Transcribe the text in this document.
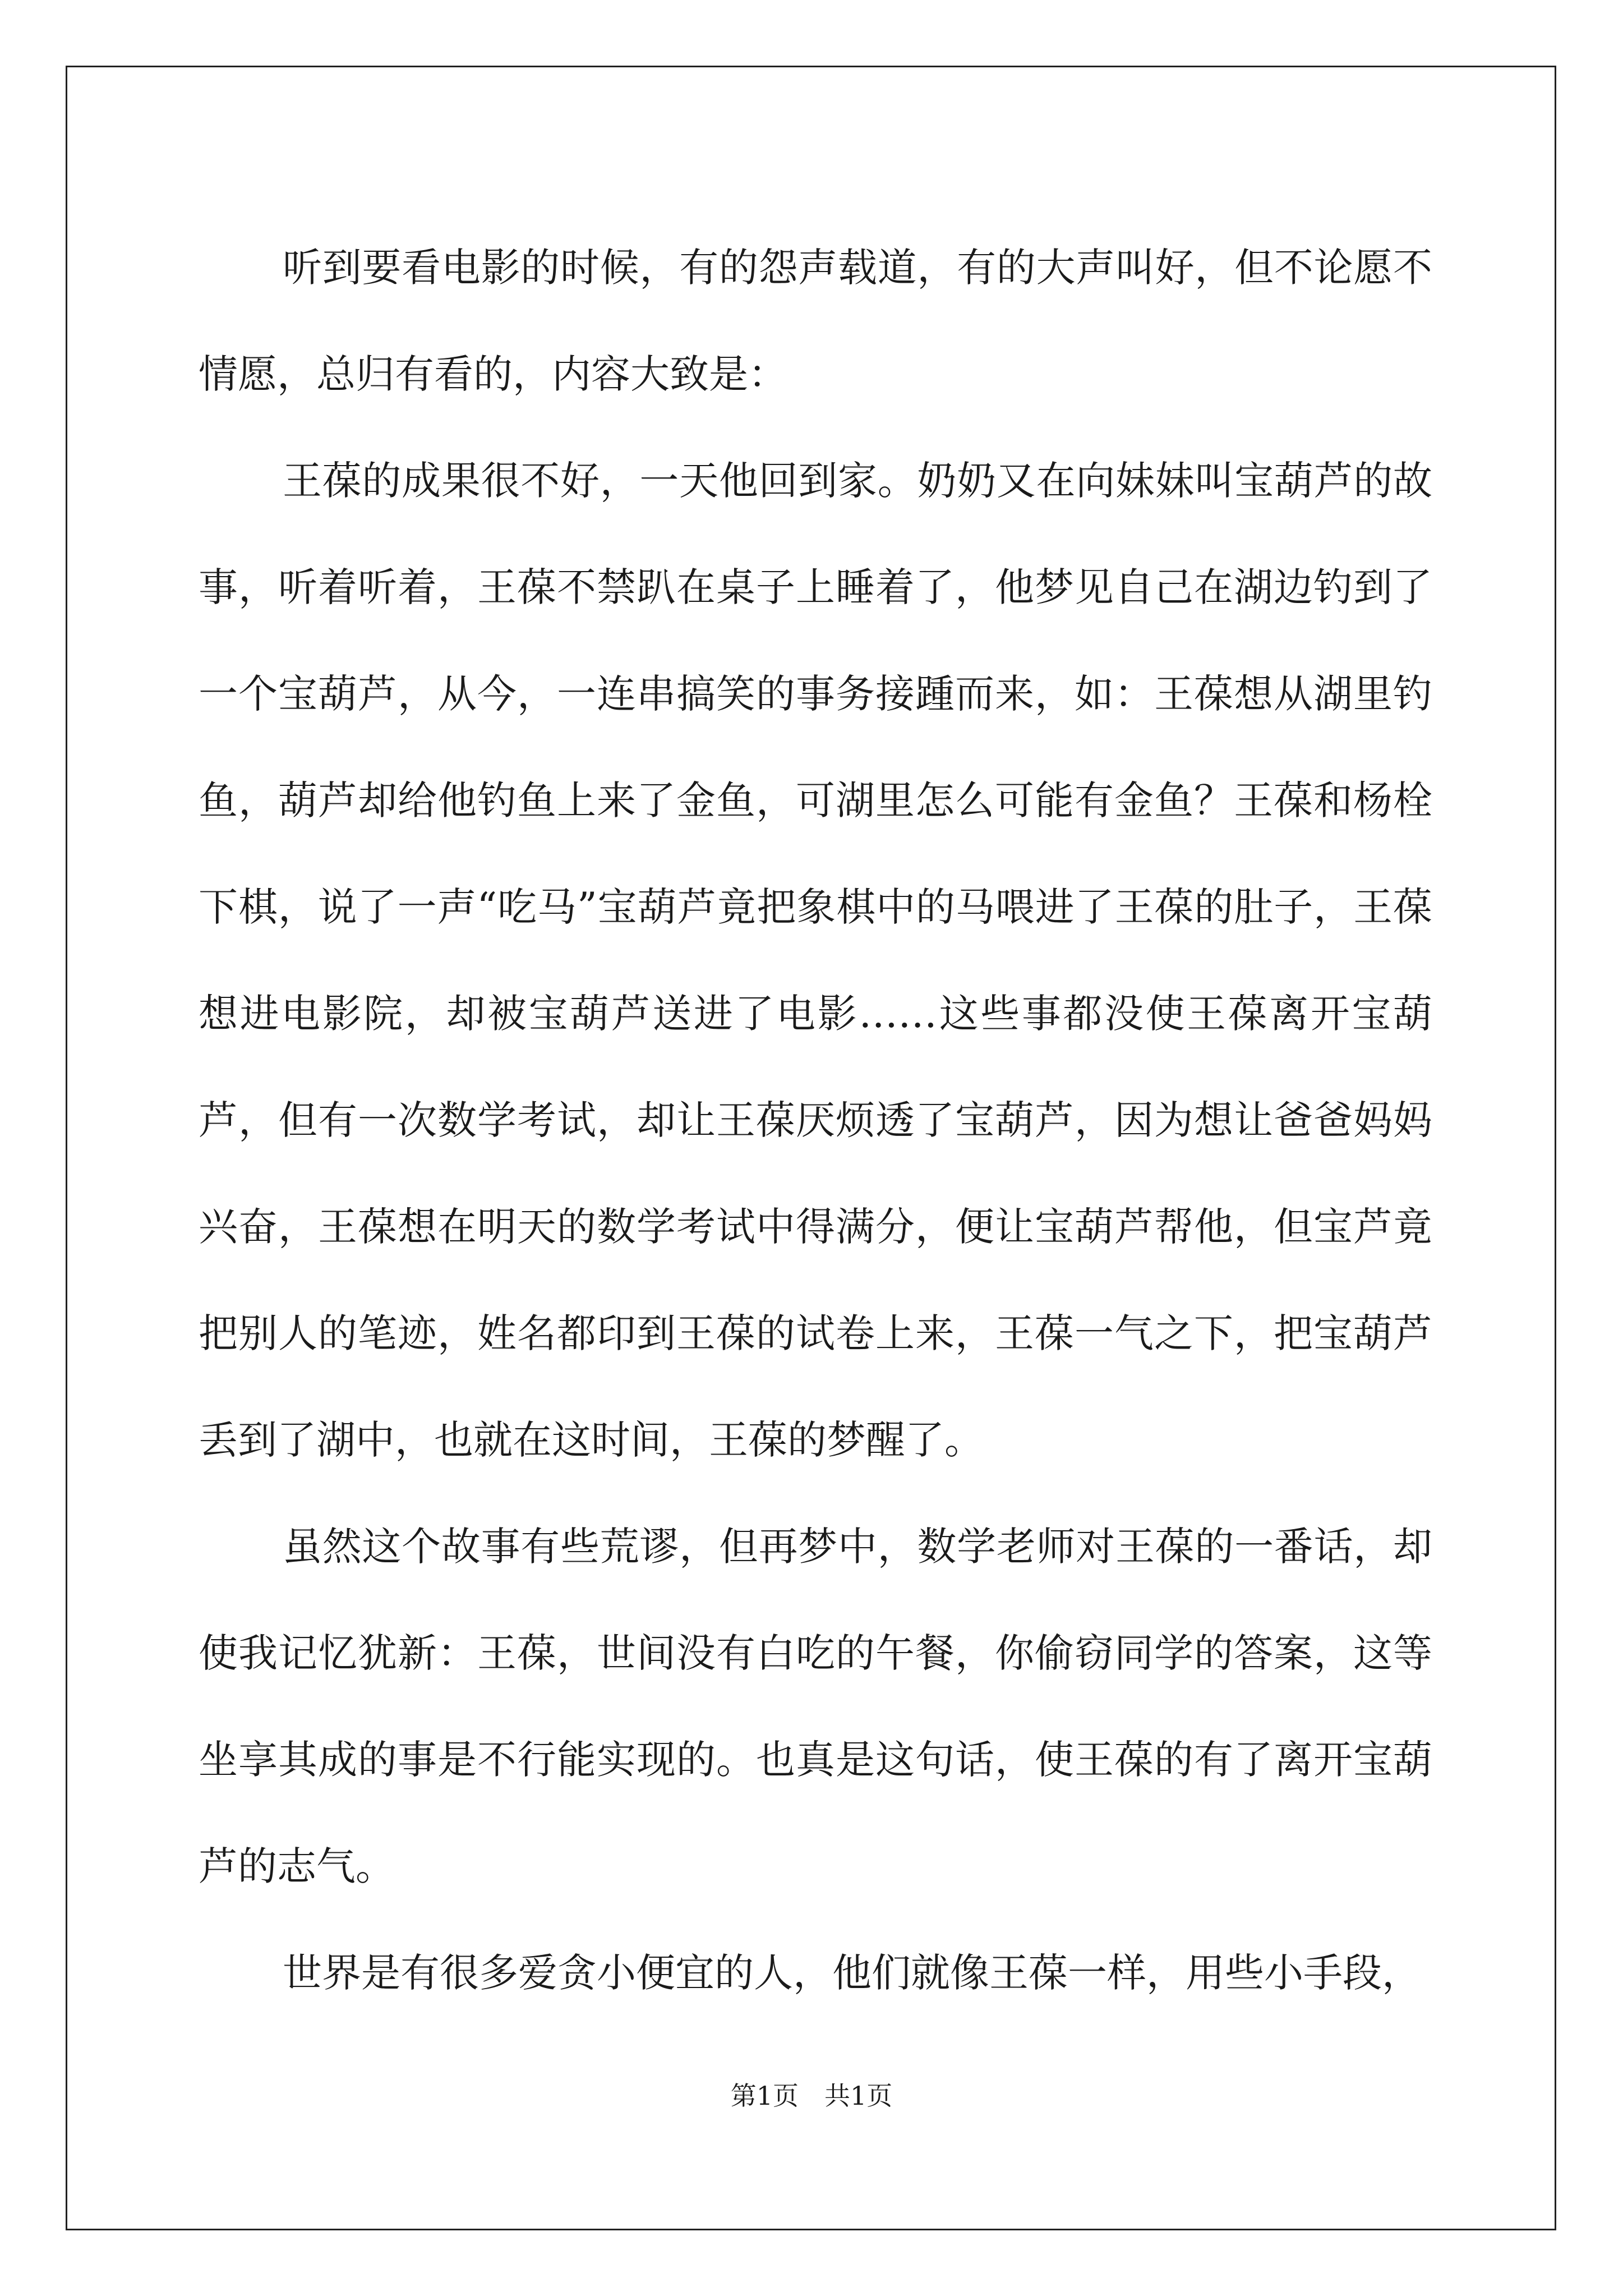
听到要看电影的时候，有的怨声载道，有的大声叫好，但不论愿不情愿，总归有看的，内容大致是：

王葆的成果很不好，一天他回到家。奶奶又在向妹妹叫宝葫芦的故事，听着听着，王葆不禁趴在桌子上睡着了，他梦见自己在湖边钓到了一个宝葫芦，从今，一连串搞笑的事务接踵而来，如：王葆想从湖里钓鱼，葫芦却给他钓鱼上来了金鱼，可湖里怎么可能有金鱼？王葆和杨栓下棋，说了一声“吃马”宝葫芦竟把象棋中的马喂进了王葆的肚子，王葆想进电影院，却被宝葫芦送进了电影……这些事都没使王葆离开宝葫芦，但有一次数学考试，却让王葆厌烦透了宝葫芦，因为想让爸爸妈妈兴奋，王葆想在明天的数学考试中得满分，便让宝葫芦帮他，但宝芦竟把别人的笔迹，姓名都印到王葆的试卷上来，王葆一气之下，把宝葫芦丢到了湖中，也就在这时间，王葆的梦醒了。

虽然这个故事有些荒谬，但再梦中，数学老师对王葆的一番话，却使我记忆犹新：王葆，世间没有白吃的午餐，你偷窃同学的答案，这等坐享其成的事是不行能实现的。也真是这句话，使王葆的有了离开宝葫芦的志气。

世界是有很多爱贪小便宜的人，他们就像王葆一样，用些小手段，

第1页　共1页
